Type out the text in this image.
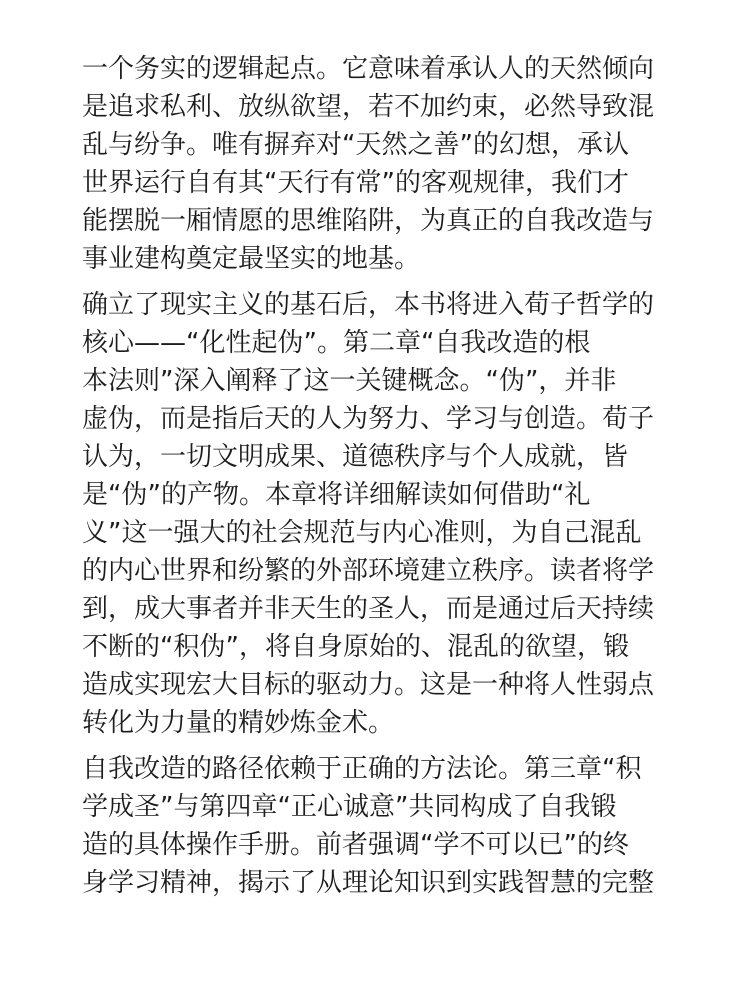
一个务实的逻辑起点。它意味着承认人的天然倾向
是追求私利、放纵欲望，若不加约束，必然导致混
乱与纷争。唯有摒弃对“天然之善”的幻想，承认
世界运行自有其“天行有常”的客观规律，我们才
能摆脱一厢情愿的思维陷阱，为真正的自我改造与
事业建构奠定最坚实的地基。
确立了现实主义的基石后，本书将进入荀子哲学的
核心——“化性起伪”。第二章“自我改造的根
本法则”深入阐释了这一关键概念。“伪”，并非
虚伪，而是指后天的人为努力、学习与创造。荀子
认为，一切文明成果、道德秩序与个人成就，皆
是“伪”的产物。本章将详细解读如何借助“礼
义”这一强大的社会规范与内心准则，为自己混乱
的内心世界和纷繁的外部环境建立秩序。读者将学
到，成大事者并非天生的圣人，而是通过后天持续
不断的“积伪”，将自身原始的、混乱的欲望，锻
造成实现宏大目标的驱动力。这是一种将人性弱点
转化为力量的精妙炼金术。
自我改造的路径依赖于正确的方法论。第三章“积
学成圣”与第四章“正心诚意”共同构成了自我锻
造的具体操作手册。前者强调“学不可以已”的终
身学习精神，揭示了从理论知识到实践智慧的完整
